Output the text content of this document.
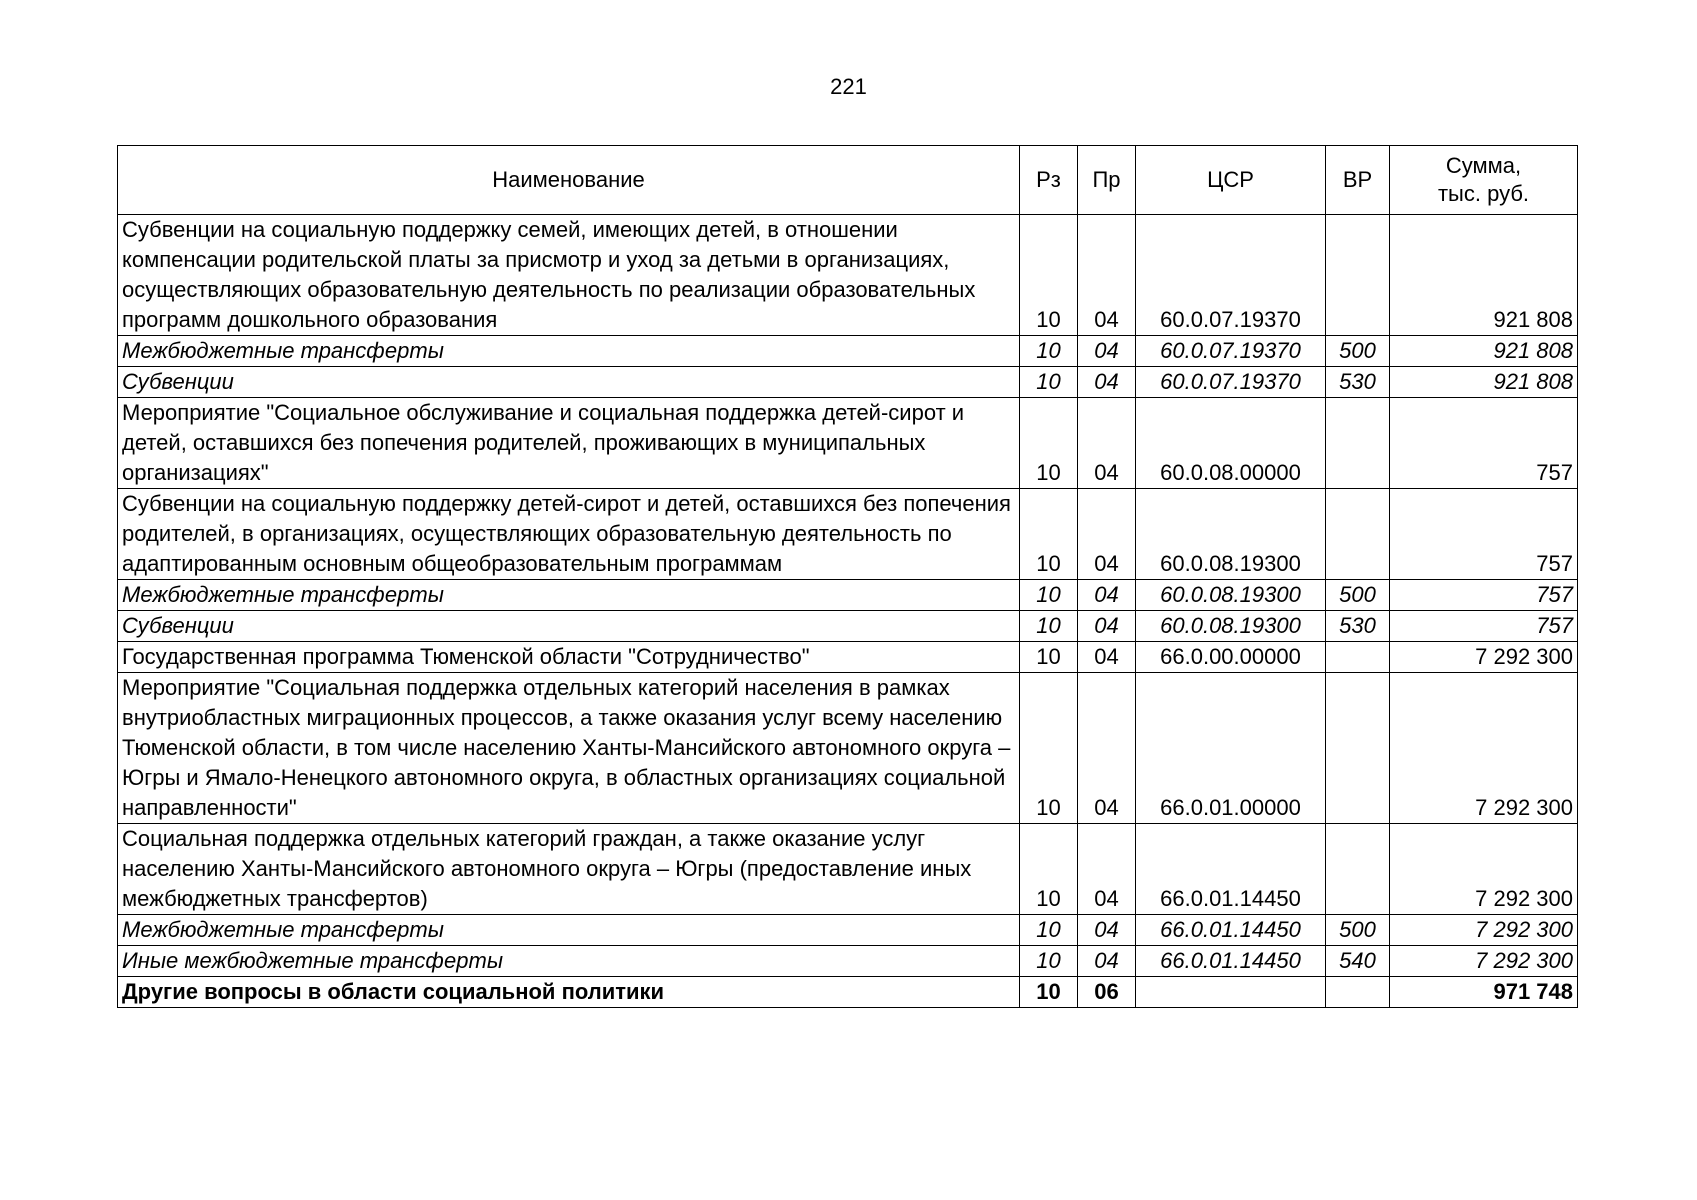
221
Наименование	Рз	Пр	ЦСР	ВР	Сумма,
тыс. руб.
Субвенции на социальную поддержку семей, имеющих детей, в отношении компенсации родительской платы за присмотр и уход за детьми в организациях, осуществляющих образовательную деятельность по реализации образовательных программ дошкольного образования	10	04	60.0.07.19370		921 808
Межбюджетные трансферты	10	04	60.0.07.19370	500	921 808
Субвенции	10	04	60.0.07.19370	530	921 808
Мероприятие "Социальное обслуживание и социальная поддержка детей-сирот и детей, оставшихся без попечения родителей, проживающих в муниципальных организациях"	10	04	60.0.08.00000		757
Субвенции на социальную поддержку детей-сирот и детей, оставшихся без попечения родителей, в организациях, осуществляющих образовательную деятельность по адаптированным основным общеобразовательным программам	10	04	60.0.08.19300		757
Межбюджетные трансферты	10	04	60.0.08.19300	500	757
Субвенции	10	04	60.0.08.19300	530	757
Государственная программа Тюменской области "Сотрудничество"	10	04	66.0.00.00000		7 292 300
Мероприятие "Социальная поддержка отдельных категорий населения в рамках внутриобластных миграционных процессов, а также оказания услуг всему населению Тюменской области, в том числе населению Ханты-Мансийского автономного округа – Югры и Ямало-Ненецкого автономного округа, в областных организациях социальной направленности"	10	04	66.0.01.00000		7 292 300
Социальная поддержка отдельных категорий граждан, а также оказание услуг населению Ханты-Мансийского автономного округа – Югры (предоставление иных межбюджетных трансфертов)	10	04	66.0.01.14450		7 292 300
Межбюджетные трансферты	10	04	66.0.01.14450	500	7 292 300
Иные межбюджетные трансферты	10	04	66.0.01.14450	540	7 292 300
Другие вопросы в области социальной политики	10	06			971 748
